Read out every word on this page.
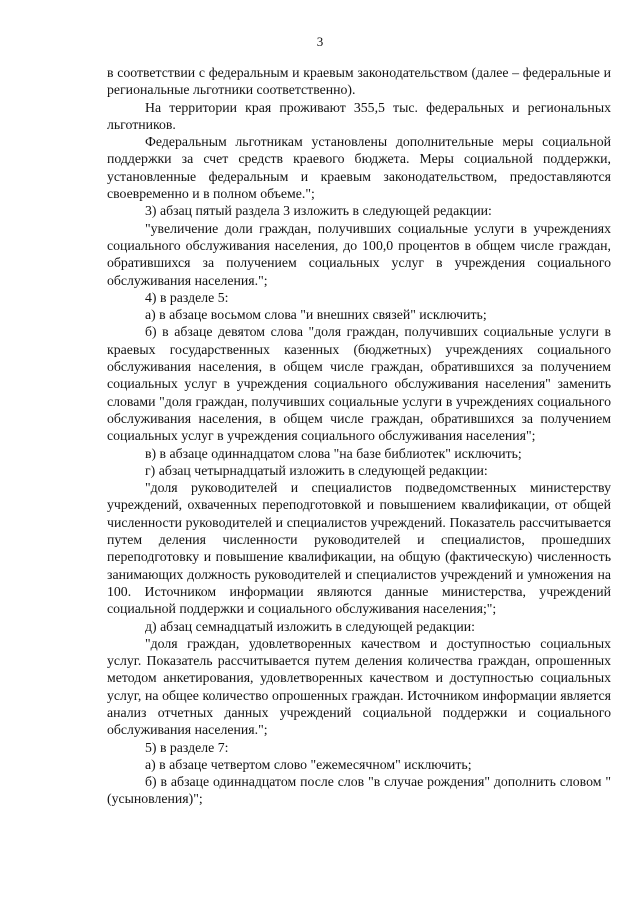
3

в соответствии с федеральным и краевым законодательством (далее – федеральные и региональные льготники соответственно).

На территории края проживают 355,5 тыс. федеральных и региональных льготников.

Федеральным льготникам установлены дополнительные меры социальной поддержки за счет средств краевого бюджета. Меры социальной поддержки, установленные федеральным и краевым законодательством, предоставляются своевременно и в полном объеме.";

3) абзац пятый раздела 3 изложить в следующей редакции:

"увеличение доли граждан, получивших социальные услуги в учреждениях социального обслуживания населения, до 100,0 процентов в общем числе граждан, обратившихся за получением социальных услуг в учреждения социального обслуживания населения.";

4) в разделе 5:

а) в абзаце восьмом слова "и внешних связей" исключить;

б) в абзаце девятом слова "доля граждан, получивших социальные услуги в краевых государственных казенных (бюджетных) учреждениях социального обслуживания населения, в общем числе граждан, обратившихся за получением социальных услуг в учреждения социального обслуживания населения" заменить словами "доля граждан, получивших социальные услуги в учреждениях социального обслуживания населения, в общем числе граждан, обратившихся за получением социальных услуг в учреждения социального обслуживания населения";

в) в абзаце одиннадцатом слова "на базе библиотек" исключить;

г) абзац четырнадцатый изложить в следующей редакции:

"доля руководителей и специалистов подведомственных министерству учреждений, охваченных переподготовкой и повышением квалификации, от общей численности руководителей и специалистов учреждений. Показатель рассчитывается путем деления численности руководителей и специалистов, прошедших переподготовку и повышение квалификации, на общую (фактическую) численность занимающих должность руководителей и специалистов учреждений и умножения на 100. Источником информации являются данные министерства, учреждений социальной поддержки и социального обслуживания населения;";

д) абзац семнадцатый изложить в следующей редакции:

"доля граждан, удовлетворенных качеством и доступностью социальных услуг. Показатель рассчитывается путем деления количества граждан, опрошенных методом анкетирования, удовлетворенных качеством и доступностью социальных услуг, на общее количество опрошенных граждан. Источником информации является анализ отчетных данных учреждений социальной поддержки и социального обслуживания населения.";

5) в разделе 7:

а) в абзаце четвертом слово "ежемесячном" исключить;

б) в абзаце одиннадцатом после слов "в случае рождения" дополнить словом "(усыновления)";
